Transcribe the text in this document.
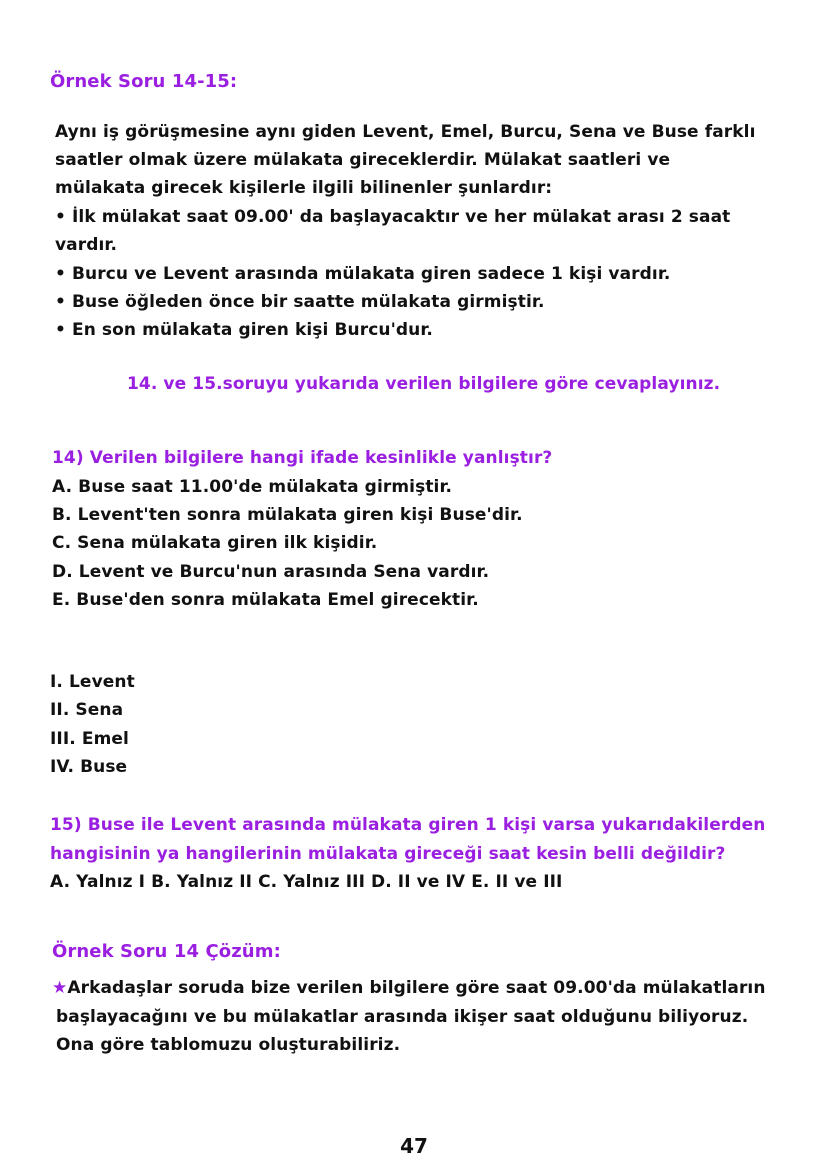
Örnek Soru 14-15:
Aynı iş görüşmesine aynı giden Levent, Emel, Burcu, Sena ve Buse farklı
saatler olmak üzere mülakata gireceklerdir. Mülakat saatleri ve
mülakata girecek kişilerle ilgili bilinenler şunlardır:
• İlk mülakat saat 09.00' da başlayacaktır ve her mülakat arası 2 saat
vardır.
• Burcu ve Levent arasında mülakata giren sadece 1 kişi vardır.
• Buse öğleden önce bir saatte mülakata girmiştir.
• En son mülakata giren kişi Burcu'dur.
14. ve 15.soruyu yukarıda verilen bilgilere göre cevaplayınız.
14) Verilen bilgilere hangi ifade kesinlikle yanlıştır?
A. Buse saat 11.00'de mülakata girmiştir.
B. Levent'ten sonra mülakata giren kişi Buse'dir.
C. Sena mülakata giren ilk kişidir.
D. Levent ve Burcu'nun arasında Sena vardır.
E. Buse'den sonra mülakata Emel girecektir.
I. Levent
II. Sena
III. Emel
IV. Buse
15) Buse ile Levent arasında mülakata giren 1 kişi varsa yukarıdakilerden
hangisinin ya hangilerinin mülakata gireceği saat kesin belli değildir?
A. Yalnız I B. Yalnız II C. Yalnız III D. II ve IV E. II ve III
Örnek Soru 14 Çözüm:
★Arkadaşlar soruda bize verilen bilgilere göre saat 09.00'da mülakatların
başlayacağını ve bu mülakatlar arasında ikişer saat olduğunu biliyoruz.
Ona göre tablomuzu oluşturabiliriz.
47
